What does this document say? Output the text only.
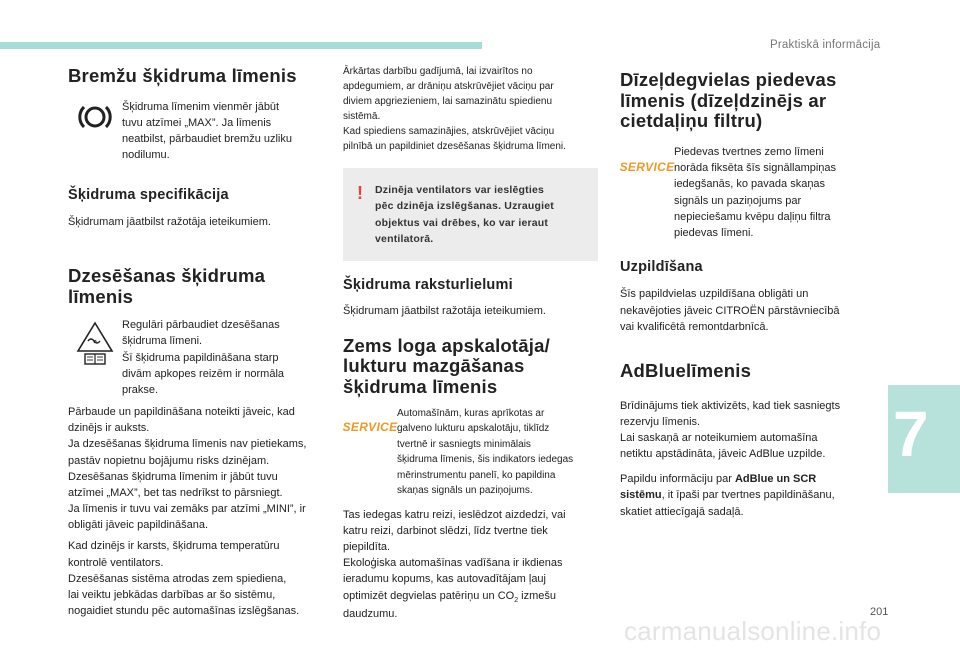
Praktiskā informācija
Bremžu šķidruma līmenis

Šķidruma līmenim vienmēr jābūt
tuvu atzīmei „MAX”. Ja līmenis
neatbilst, pārbaudiet bremžu uzliku
nodilumu.

Šķidruma specifikācija

Šķidrumam jāatbilst ražotāja ieteikumiem.

Dzesēšanas šķidruma
līmenis
°

Regulāri pārbaudiet dzesēšanas
šķidruma līmeni.
Šī šķidruma papildināšana starp
divām apkopes reizēm ir normāla
prakse.

Pārbaude un papildināšana noteikti jāveic, kad
dzinējs ir auksts.
Ja dzesēšanas šķidruma līmenis nav pietiekams,
pastāv nopietnu bojājumu risks dzinējam.
Dzesēšanas šķidruma līmenim ir jābūt tuvu
atzīmei „MAX”, bet tas nedrīkst to pārsniegt.
Ja līmenis ir tuvu vai zemāks par atzīmi „MINI”, ir
obligāti jāveic papildināšana.

Kad dzinējs ir karsts, šķidruma temperatūru
kontrolē ventilators.
Dzesēšanas sistēma atrodas zem spiediena,
lai veiktu jebkādas darbības ar šo sistēmu,
nogaidiet stundu pēc automašīnas izslēgšanas.

Ārkārtas darbību gadījumā, lai izvairītos no
apdegumiem, ar drāniņu atskrūvējiet vāciņu par
diviem apgriezieniem, lai samazinātu spiedienu
sistēmā.
Kad spiediens samazinājies, atskrūvējiet vāciņu
pilnībā un papildiniet dzesēšanas šķidruma līmeni.

!	Dzinēja ventilators var ieslēgties
pēc dzinēja izslēgšanas. Uzraugiet
objektus vai drēbes, ko var ieraut
ventilatorā.
Šķidruma raksturlielumi

Šķidrumam jāatbilst ražotāja ieteikumiem.

Zems loga apskalotāja/
lukturu mazgāšanas
šķidruma līmenis
SERVICE

Automašīnām, kuras aprīkotas ar
galveno lukturu apskalotāju, tiklīdz
tvertnē ir sasniegts minimālais
šķidruma līmenis, šis indikators iedegas
mērinstrumentu panelī, ko papildina
skaņas signāls un paziņojums.

Tas iedegas katru reizi, ieslēdzot aizdedzi, vai
katru reizi, darbinot slēdzi, līdz tvertne tiek
piepildīta.
Ekoloģiska automašīnas vadīšana ir ikdienas
ieradumu kopums, kas autovadītājam ļauj
optimizēt degvielas patēriņu un $CO_2$ izmešu
daudzumu.

Dīzeļdegvielas piedevas
līmenis (dīzeļdzinējs ar
cietdaļiņu filtru)
SERVICE

Piedevas tvertnes zemo līmeni
norāda fiksēta šīs signāllampiņas
iedegšanās, ko pavada skaņas
signāls un paziņojums par
nepieciešamu kvēpu daļiņu filtra
piedevas līmeni.

Uzpildīšana

Šīs papildvielas uzpildīšana obligāti un
nekavējoties jāveic CITROËN pārstāvniecībā
vai kvalificētā remontdarbnīcā.

AdBluelīmenis

Brīdinājums tiek aktivizēts, kad tiek sasniegts
rezervju līmenis.
Lai saskaņā ar noteikumiem automašīna
netiktu apstādināta, jāveic AdBlue uzpilde.

Papildu informāciju par AdBlue un SCR
sistēmu, it īpaši par tvertnes papildināšanu,
skatiet attiecīgajā sadaļā.

7
201
carmanualsonline.info
